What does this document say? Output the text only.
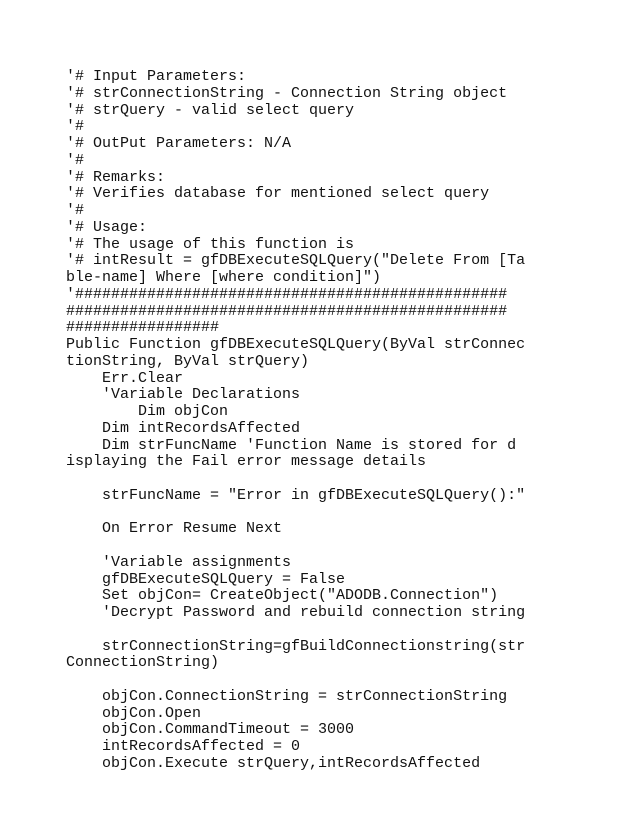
'# Input Parameters:
'# strConnectionString - Connection String object
'# strQuery - valid select query
'#
'# OutPut Parameters: N/A
'#
'# Remarks:
'# Verifies database for mentioned select query
'#
'# Usage:
'# The usage of this function is
'# intResult = gfDBExecuteSQLQuery("Delete From [Ta
ble-name] Where [where condition]")
'################################################
#################################################
#################
Public Function gfDBExecuteSQLQuery(ByVal strConnec
tionString, ByVal strQuery)
Err.Clear
'Variable Declarations
Dim objCon
Dim intRecordsAffected
Dim strFuncName 'Function Name is stored for d
isplaying the Fail error message details
strFuncName = "Error in gfDBExecuteSQLQuery():"
On Error Resume Next
'Variable assignments
gfDBExecuteSQLQuery = False
Set objCon= CreateObject("ADODB.Connection")
'Decrypt Password and rebuild connection string
strConnectionString=gfBuildConnectionstring(str
ConnectionString)
objCon.ConnectionString = strConnectionString
objCon.Open
objCon.CommandTimeout = 3000
intRecordsAffected = 0
objCon.Execute strQuery,intRecordsAffected
